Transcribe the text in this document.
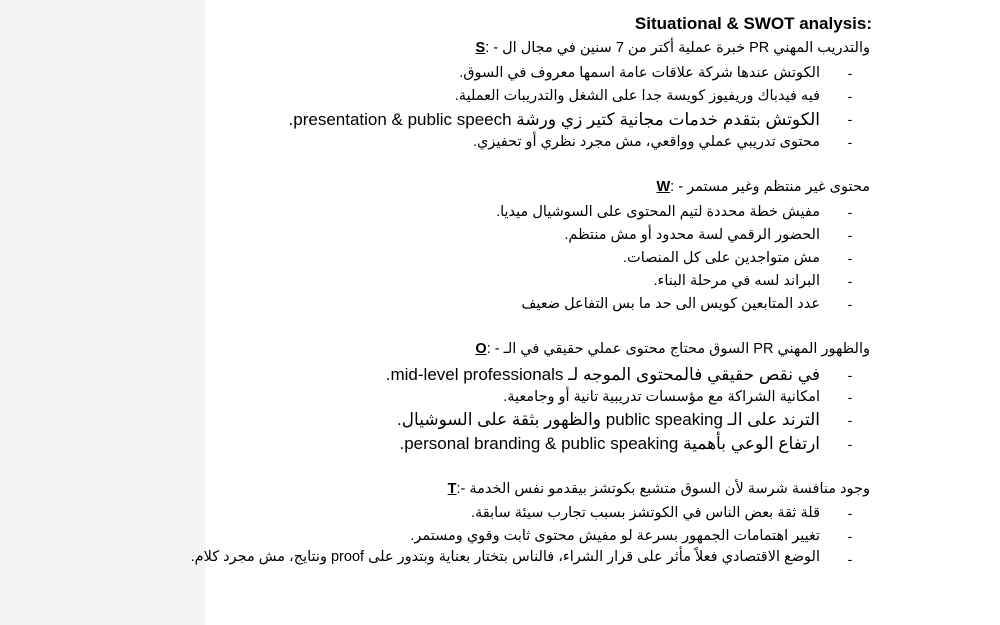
Situational & SWOT analysis:
والتدريب المهني PR خبرة عملية أكتر من 7 سنين في مجال ال - :S
-
الكوتش عندها شركة علاقات عامة اسمها معروف في السوق.
-
فيه فيدباك وريفيوز كويسة جدا على الشغل والتدريبات العملية.
-
الكوتش بتقدم خدمات مجانية كتير زي ورشة presentation & public speech.
-
محتوى تدريبي عملي وواقعي، مش مجرد نظري أو تحفيزي.
محتوى غير منتظم وغير مستمر - :W
-
مفيش خطة محددة لتيم المحتوى على السوشيال ميديا.
-
الحضور الرقمي لسة محدود أو مش منتظم.
-
مش متواجدين على كل المنصات.
-
البراند لسه في مرحلة البناء.
-
عدد المتابعين كويس الى حد ما بس التفاعل ضعيف
والظهور المهني PR السوق محتاج محتوى عملي حقيقي في الـ - :O
-
في نقص حقيقي فالمحتوى الموجه لـ mid-level professionals.
-
امكانية الشراكة مع مؤسسات تدريبية تانية أو وجامعية.
-
الترند على الـ public speaking والظهور بثقة على السوشيال.
-
ارتفاع الوعي بأهمية personal branding & public speaking.
وجود منافسة شرسة لأن السوق متشبع بكوتشز بيقدمو نفس الخدمة -:T
-
قلة ثقة بعض الناس في الكوتشز بسبب تجارب سيئة سابقة.
-
تغيير اهتمامات الجمهور بسرعة لو مفيش محتوى ثابت وقوي ومستمر.
-
الوضع الاقتصادي فعلاً مأثر على قرار الشراء، فالناس بتختار بعناية وبتدور على proof ونتايج، مش مجرد كلام.
